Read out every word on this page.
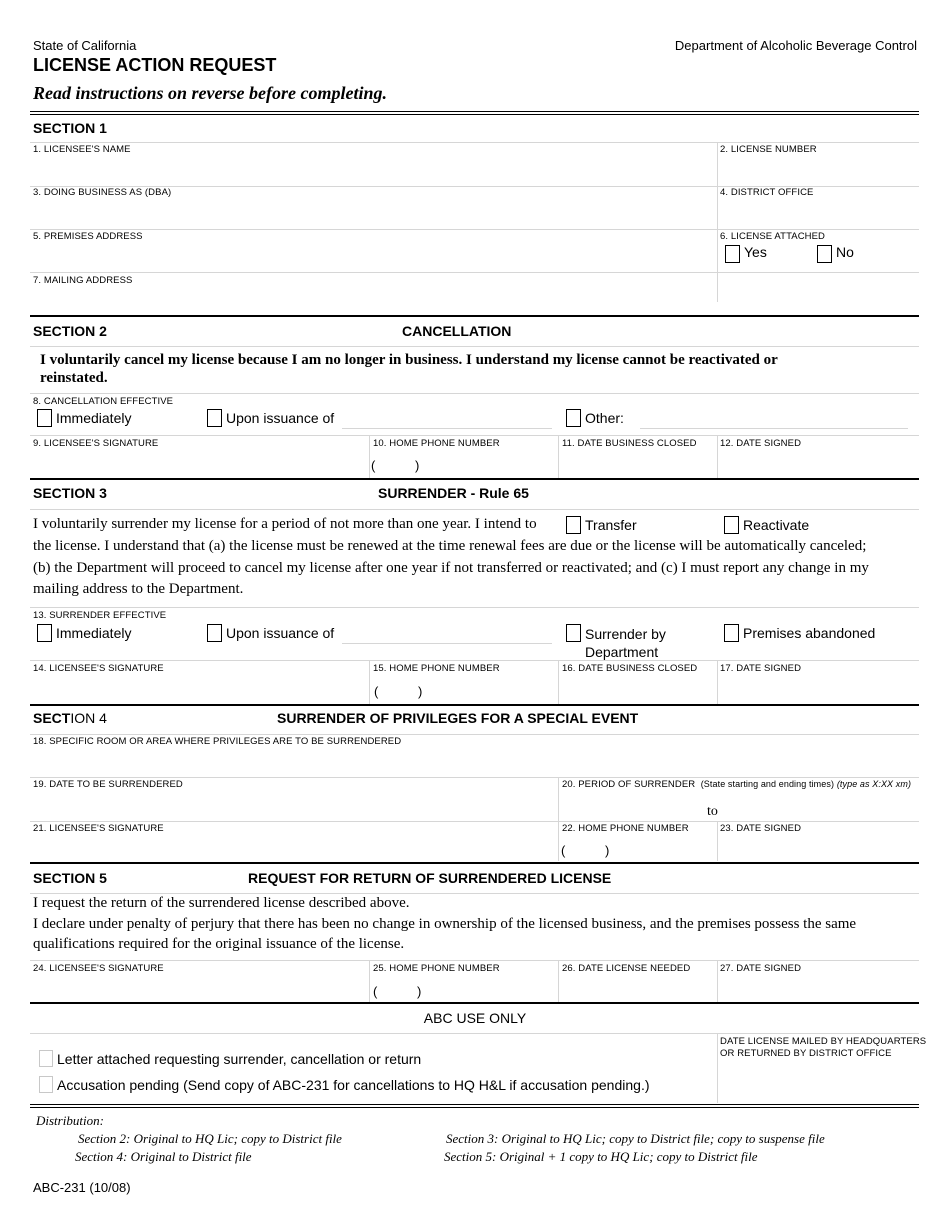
State of California	Department of Alcoholic Beverage Control
LICENSE ACTION REQUEST
Read instructions on reverse before completing.
SECTION 1
1. LICENSEE'S NAME	2. LICENSE NUMBER
3. DOING BUSINESS AS (DBA)	4. DISTRICT OFFICE
5. PREMISES ADDRESS	6. LICENSE ATTACHED
Yes	No
7. MAILING ADDRESS
SECTION 2	CANCELLATION
I voluntarily cancel my license because I am no longer in business. I understand my license cannot be reactivated or
reinstated.
8. CANCELLATION EFFECTIVE
Immediately	Upon issuance of	Other:
9. LICENSEE'S SIGNATURE	10. HOME PHONE NUMBER
(	)
11. DATE BUSINESS CLOSED 12. DATE SIGNED
SECTION 3	SURRENDER - Rule 65
I voluntarily surrender my license for a period of not more than one year. I intend to	Transfer	Reactivate
the license. I understand that (a) the license must be renewed at the time renewal fees are due or the license will be automatically canceled;
(b) the Department will proceed to cancel my license after one year if not transferred or reactivated; and (c) I must report any change in my
mailing address to the Department.
13. SURRENDER EFFECTIVE
Immediately	Upon issuance of	Surrender by
Department
Premises abandoned
14. LICENSEE'S SIGNATURE	15. HOME PHONE NUMBER
(	)
16. DATE BUSINESS CLOSED 17. DATE SIGNED
SECTION 4	SURRENDER OF PRIVILEGES FOR A SPECIAL EVENT
18. SPECIFIC ROOM OR AREA WHERE PRIVILEGES ARE TO BE SURRENDERED
19. DATE TO BE SURRENDERED	20. PERIOD OF SURRENDER (State starting and ending times) (type as X:XX xm)
to
21. LICENSEE'S SIGNATURE	22. HOME PHONE NUMBER
(	)
23. DATE SIGNED
SECTION 5	REQUEST FOR RETURN OF SURRENDERED LICENSE
I request the return of the surrendered license described above.
I declare under penalty of perjury that there has been no change in ownership of the licensed business, and the premises possess the same
qualifications required for the original issuance of the license.
24. LICENSEE'S SIGNATURE	25. HOME PHONE NUMBER
(	)
26. DATE LICENSE NEEDED	27. DATE SIGNED
ABC USE ONLY
DATE LICENSE MAILED BY HEADQUARTERS
OR RETURNED BY DISTRICT OFFICE
Letter attached requesting surrender, cancellation or return
Accusation pending (Send copy of ABC-231 for cancellations to HQ H&L if accusation pending.)
Distribution:
Section 2: Original to HQ Lic; copy to District file	Section 3: Original to HQ Lic; copy to District file; copy to suspense file
Section 4: Original to District file	Section 5: Original + 1 copy to HQ Lic; copy to District file
ABC-231 (10/08)
